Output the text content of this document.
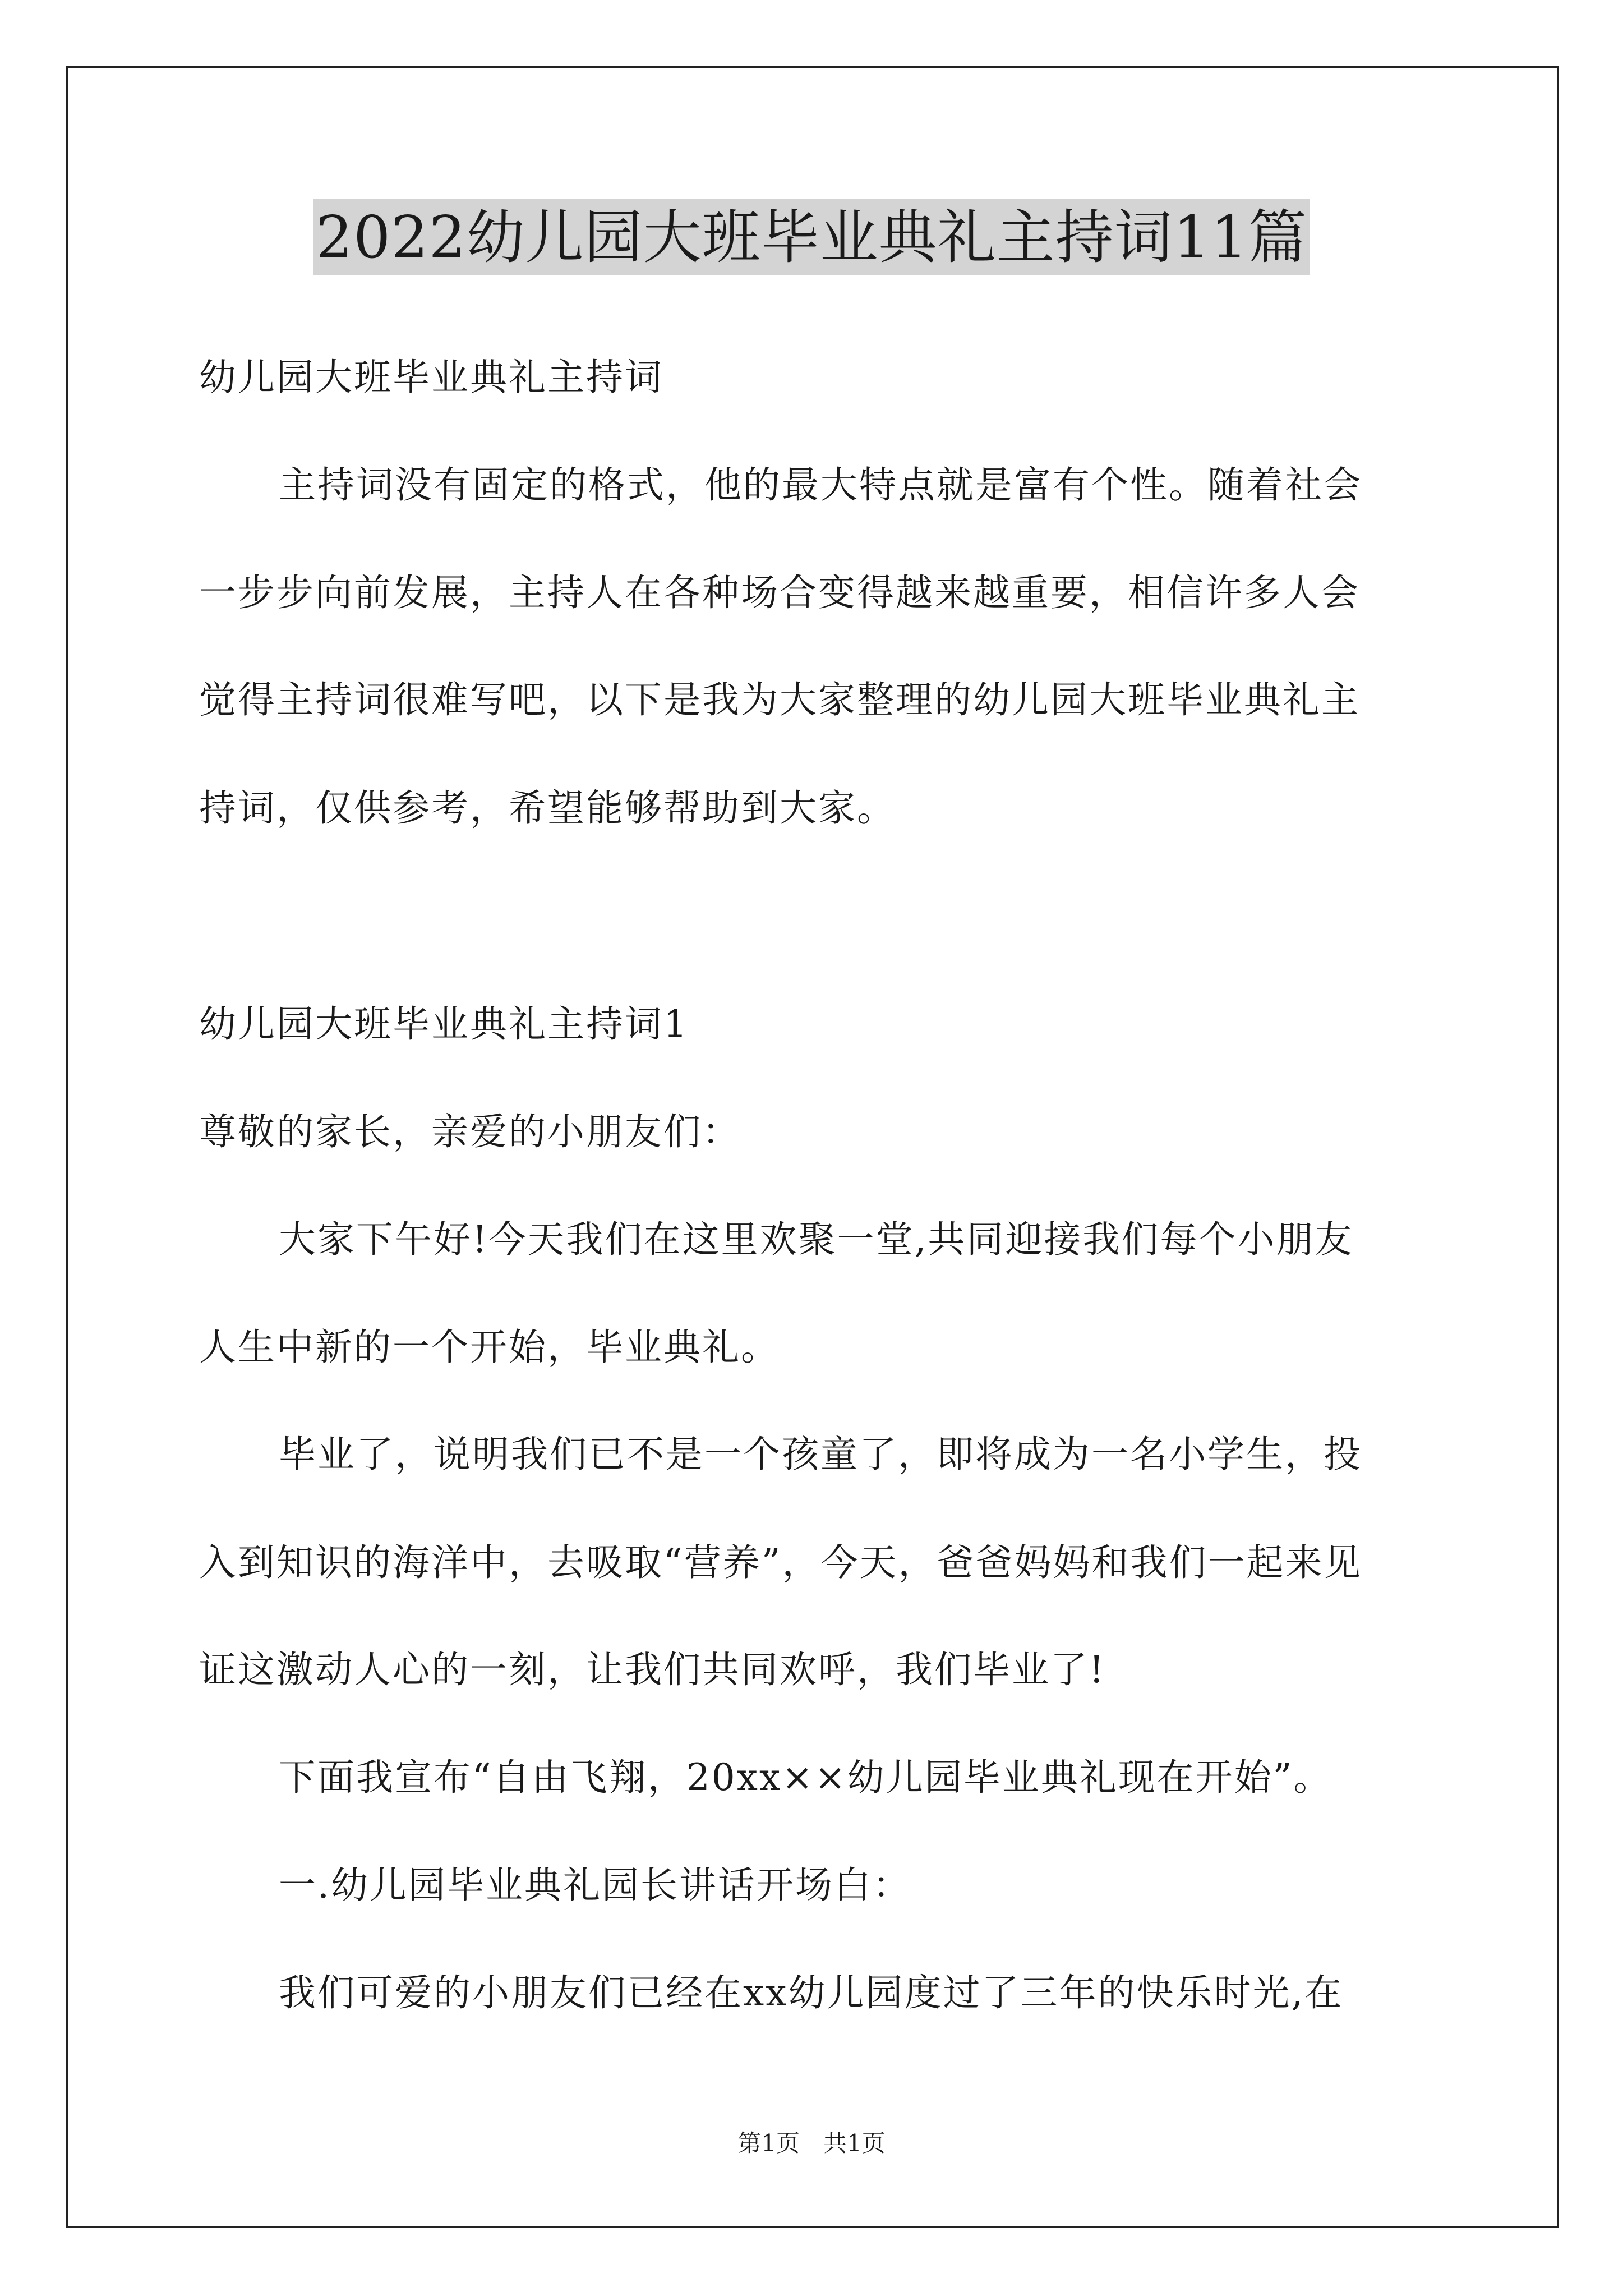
2022幼儿园大班毕业典礼主持词11篇
幼儿园大班毕业典礼主持词
主持词没有固定的格式，他的最大特点就是富有个性。随着社会
一步步向前发展，主持人在各种场合变得越来越重要，相信许多人会
觉得主持词很难写吧，以下是我为大家整理的幼儿园大班毕业典礼主
持词，仅供参考，希望能够帮助到大家。
幼儿园大班毕业典礼主持词1
尊敬的家长，亲爱的小朋友们：
大家下午好!今天我们在这里欢聚一堂,共同迎接我们每个小朋友
人生中新的一个开始，毕业典礼。
毕业了，说明我们已不是一个孩童了，即将成为一名小学生，投
入到知识的海洋中，去吸取“营养”，今天，爸爸妈妈和我们一起来见
证这激动人心的一刻，让我们共同欢呼，我们毕业了!
下面我宣布“自由飞翔，20xx××幼儿园毕业典礼现在开始”。
一.幼儿园毕业典礼园长讲话开场白：
我们可爱的小朋友们已经在xx幼儿园度过了三年的快乐时光,在
第1页　共1页
